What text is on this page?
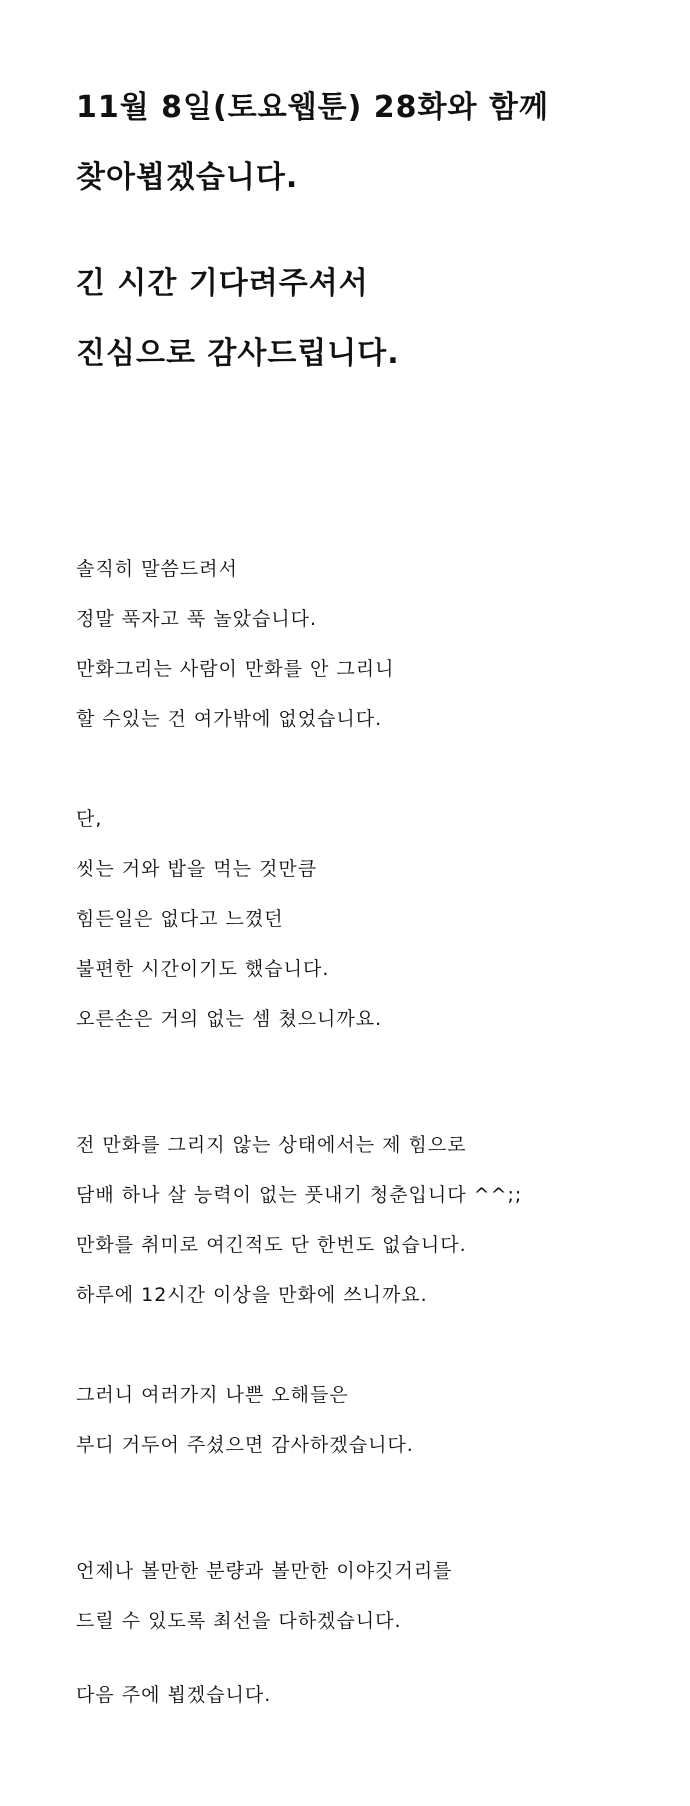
11월 8일(토요웹툰) 28화와 함께
찾아뵙겠습니다.
긴 시간 기다려주셔서
진심으로 감사드립니다.
솔직히 말씀드려서
정말 푹자고 푹 놀았습니다.
만화그리는 사람이 만화를 안 그리니
할 수있는 건 여가밖에 없었습니다.
단,
씻는 거와 밥을 먹는 것만큼
힘든일은 없다고 느꼈던
불편한 시간이기도 했습니다.
오른손은 거의 없는 셈 쳤으니까요.
전 만화를 그리지 않는 상태에서는 제 힘으로
담배 하나 살 능력이 없는 풋내기 청춘입니다 ^^;;
만화를 취미로 여긴적도 단 한번도 없습니다.
하루에 12시간 이상을 만화에 쓰니까요.
그러니 여러가지 나쁜 오해들은
부디 거두어 주셨으면 감사하겠습니다.
언제나 볼만한 분량과 볼만한 이야깃거리를
드릴 수 있도록 최선을 다하겠습니다.
다음 주에 뵙겠습니다.
